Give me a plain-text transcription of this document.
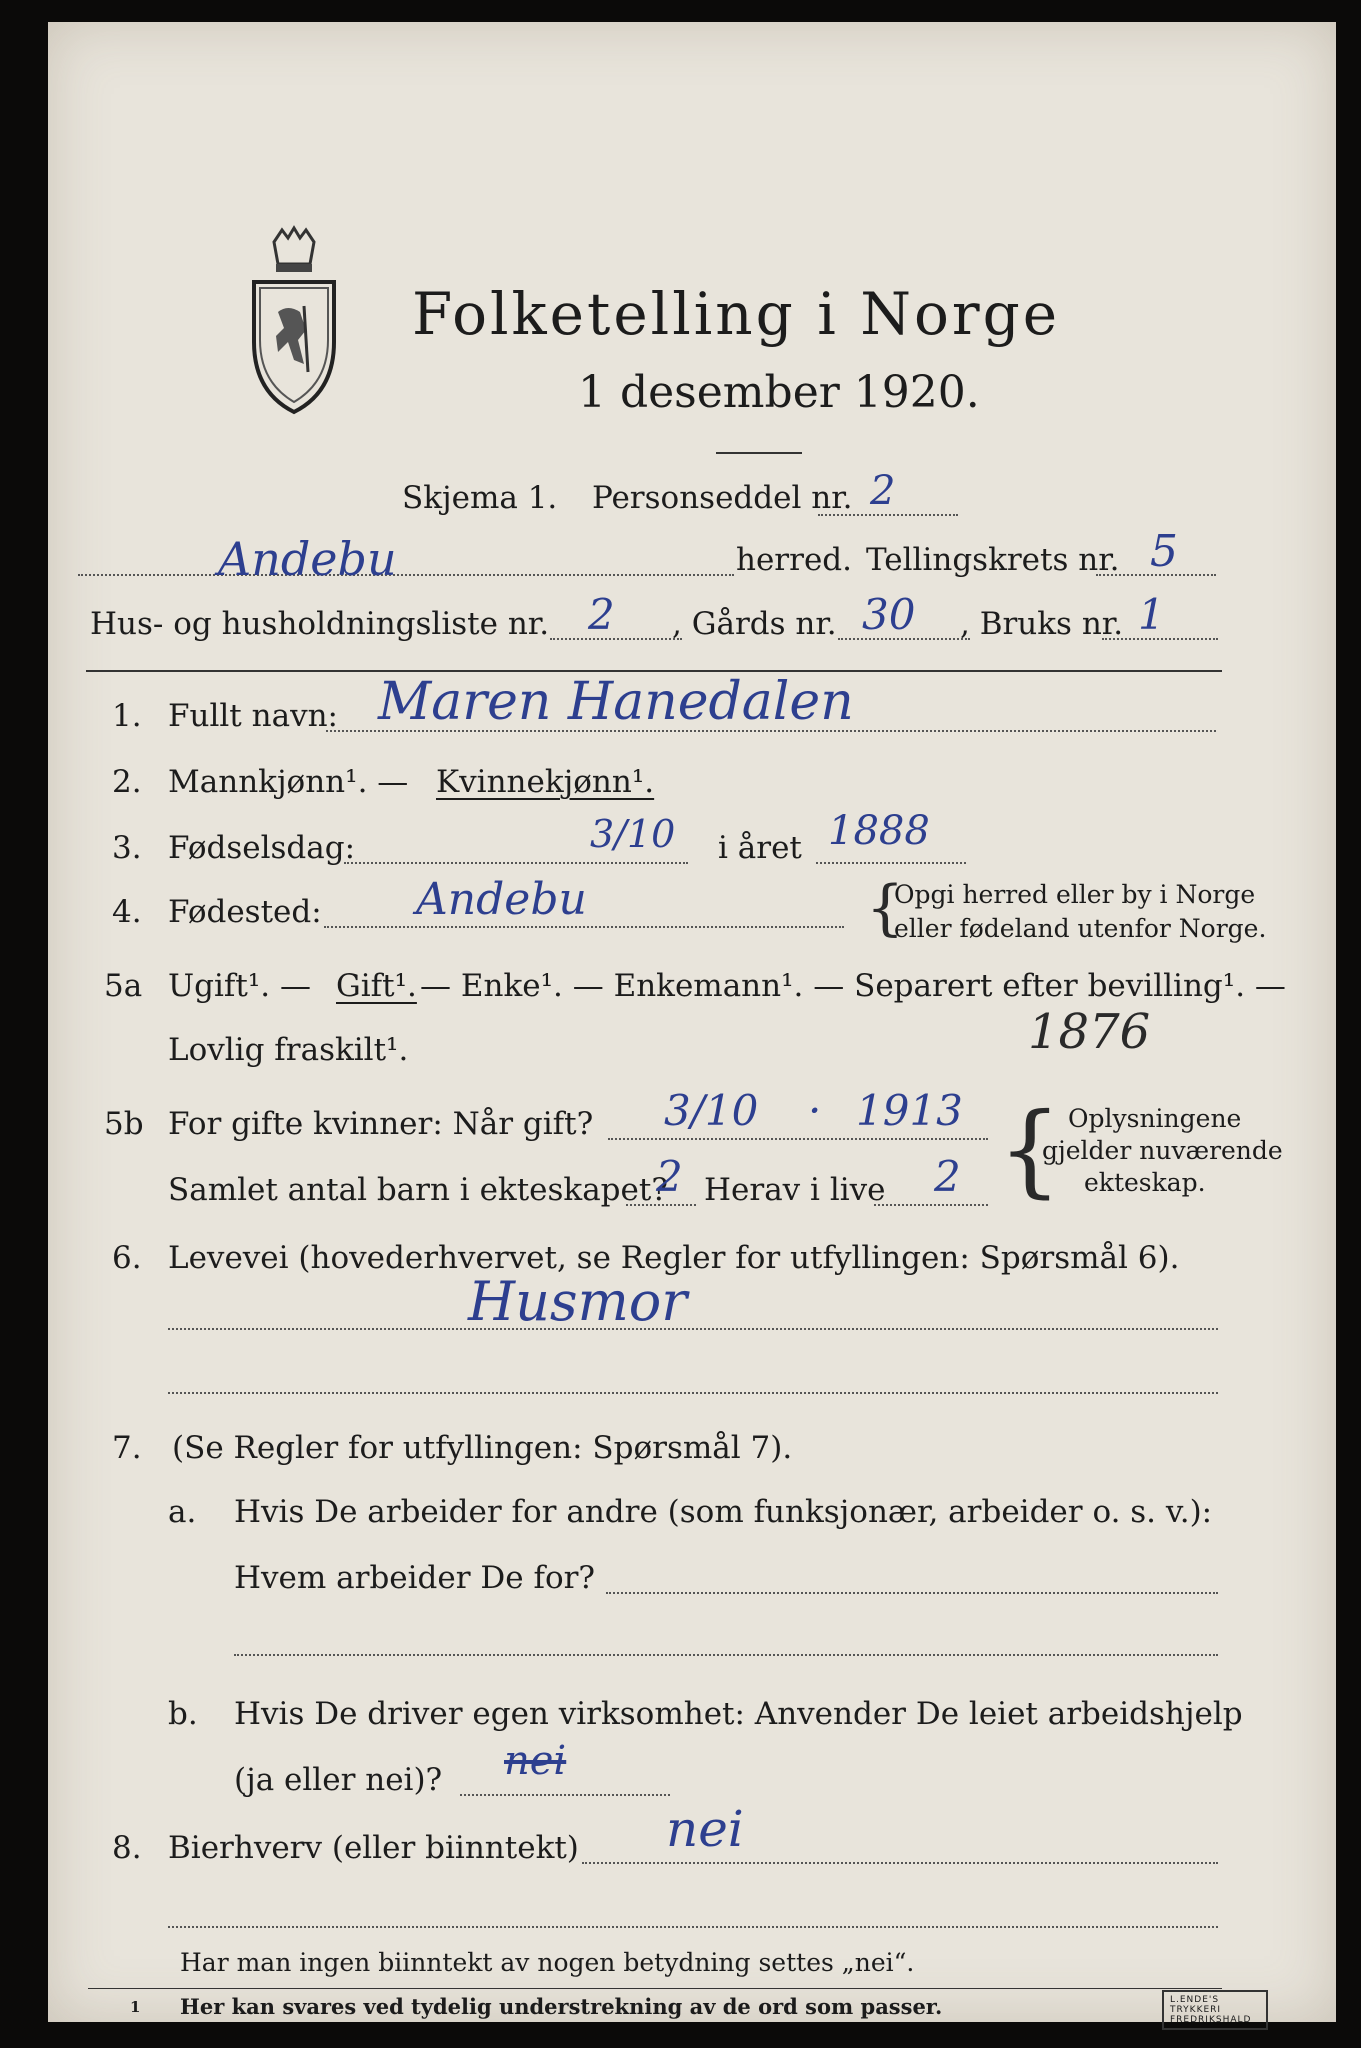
Folketelling i Norge
1 desember 1920.
Skjema 1. Personseddel nr. 2
Andebu	herred. Tellingskrets nr. 5
Hus- og husholdningsliste nr. 2 , Gårds nr. 30 , Bruks nr. 1
1. Fullt navn: Maren Hanedalen
2. Mannkjønn¹. — Kvinnekjønn¹.
3. Fødselsdag:	3/10 i året 1888
4. Fødested: Andebu	{
Opgi herred eller by i Norge
eller fødeland utenfor Norge.
5a Ugift¹. — Gift¹. — Enke¹. — Enkemann¹. — Separert efter bevilling¹. —
Lovlig fraskilt¹.	1876
5b For gifte kvinner: Når gift? 3/10 · 1913
Samlet antal barn i ekteskapet?
2 Herav i live 2 { Oplysningene
gjelder nuværende
ekteskap.
6. Levevei (hovederhvervet, se Regler for utfyllingen: Spørsmål 6).
Husmor
7. (Se Regler for utfyllingen: Spørsmål 7).
a. Hvis De arbeider for andre (som funksjonær, arbeider o. s. v.):
Hvem arbeider De for?
b. Hvis De driver egen virksomhet: Anvender De leiet arbeidshjelp
(ja eller nei)? nei
8. Bierhverv (eller biinntekt) nei
Har man ingen biinntekt av nogen betydning settes „nei“.
1 Her kan svares ved tydelig understrekning av de ord som passer.	L.ENDE'S TRYKKERI FREDRIKSHALD
